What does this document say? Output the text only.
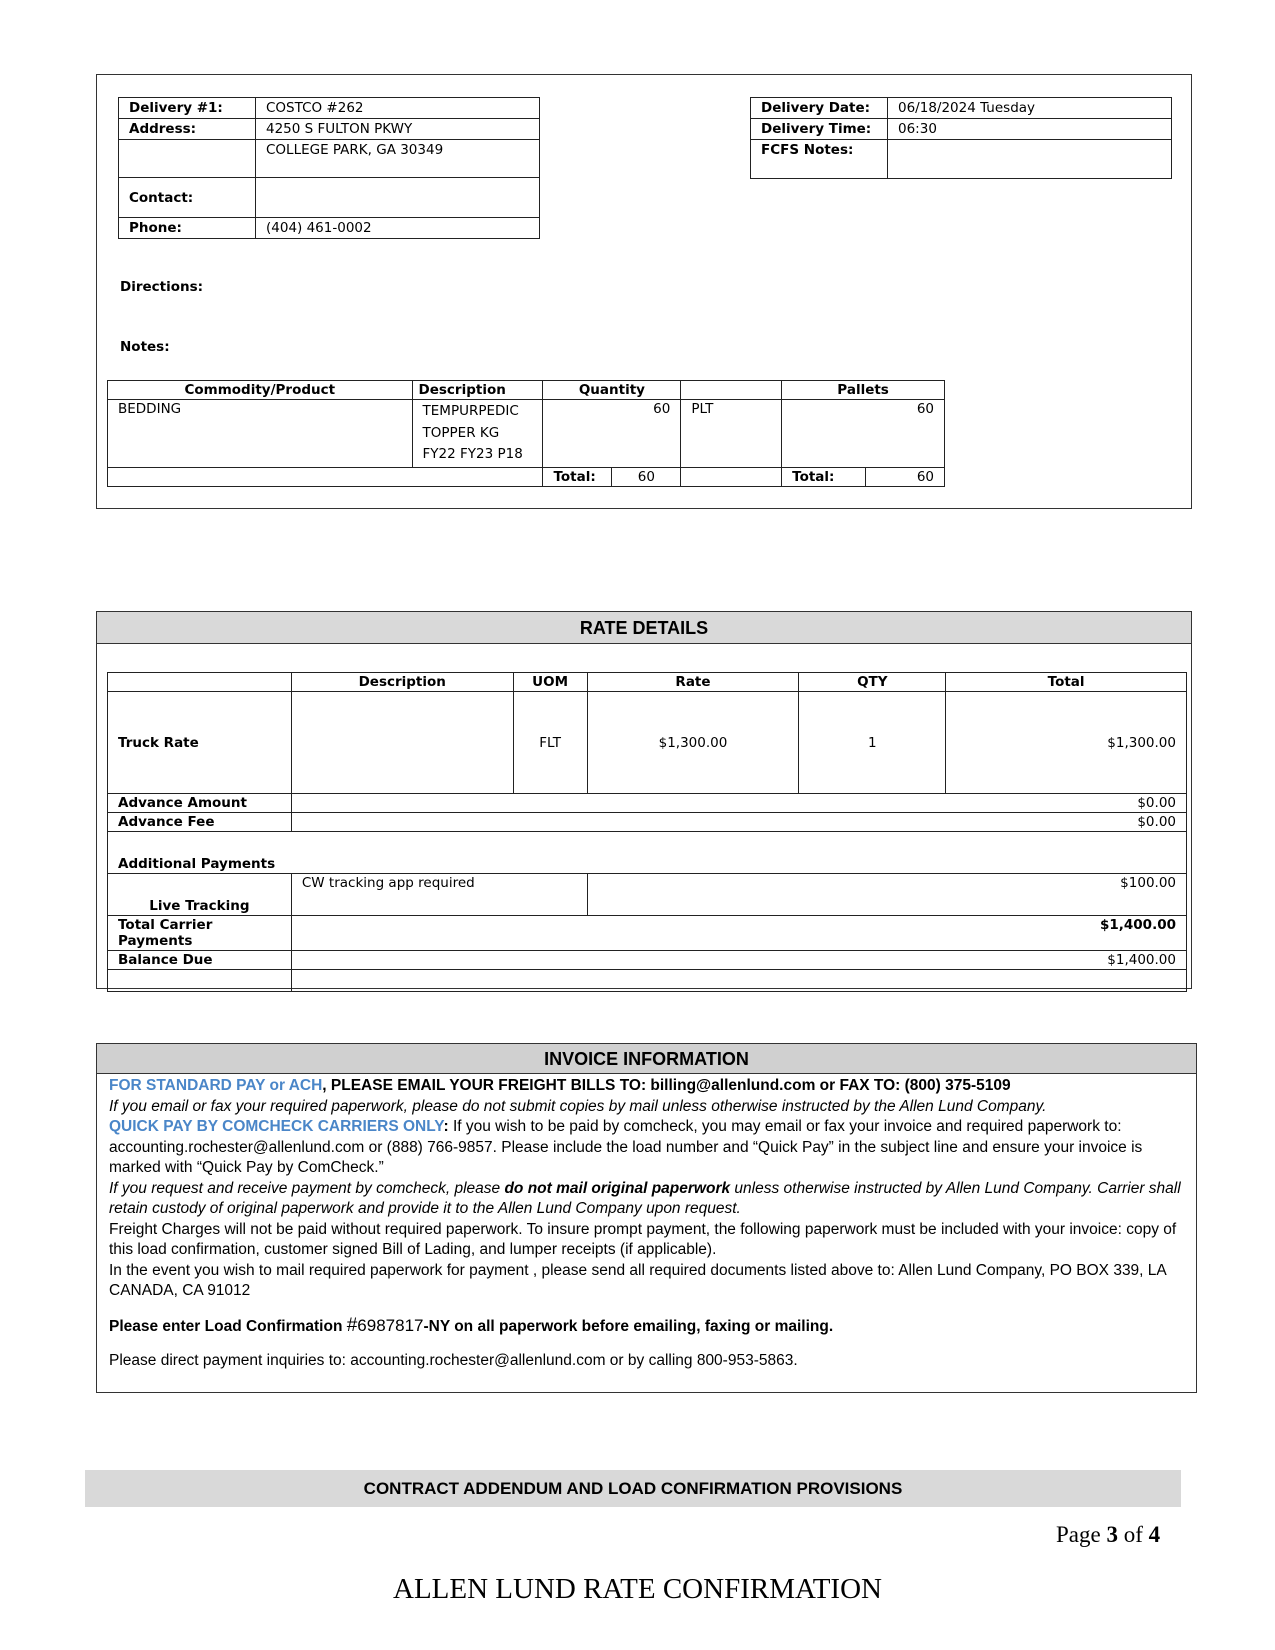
Delivery #1:	COSTCO #262
Address:	4250 S FULTON PKWY
	COLLEGE PARK, GA 30349
Contact:	
Phone:	(404) 461-0002
Delivery Date:	06/18/2024 Tuesday
Delivery Time:	06:30
FCFS Notes:	
Directions:
Notes:
Commodity/Product	Description	Quantity			Pallets	
BEDDING	TEMPURPEDIC
TOPPER KG
FY22 FY23 P18	60		PLT	60	
		Total:	60		Total:	60
RATE DETAILS
	Description	UOM	Rate	QTY	Total
Truck Rate		FLT	$1,300.00	1	$1,300.00
Advance Amount	$0.00				
Advance Fee	$0.00				
Additional Payments					
Live Tracking	CW tracking app required		$100.00		
Total Carrier Payments	$1,400.00				
Balance Due	$1,400.00				

INVOICE INFORMATION
FOR STANDARD PAY or ACH, PLEASE EMAIL YOUR FREIGHT BILLS TO: billing@allenlund.com or FAX TO: (800) 375-5109
If you email or fax your required paperwork, please do not submit copies by mail unless otherwise instructed by the Allen Lund Company.
QUICK PAY BY COMCHECK CARRIERS ONLY: If you wish to be paid by comcheck, you may email or fax your invoice and required paperwork to: accounting.rochester@allenlund.com or (888) 766-9857. Please include the load number and “Quick Pay” in the subject line and ensure your invoice is marked with “Quick Pay by ComCheck.”
If you request and receive payment by comcheck, please do not mail original paperwork unless otherwise instructed by Allen Lund Company. Carrier shall retain custody of original paperwork and provide it to the Allen Lund Company upon request.
Freight Charges will not be paid without required paperwork. To insure prompt payment, the following paperwork must be included with your invoice: copy of this load confirmation, customer signed Bill of Lading, and lumper receipts (if applicable).
In the event you wish to mail required paperwork for payment , please send all required documents listed above to: Allen Lund Company, PO BOX 339, LA CANADA, CA 91012
Please enter Load Confirmation #6987817-NY on all paperwork before emailing, faxing or mailing.
Please direct payment inquiries to: accounting.rochester@allenlund.com or by calling 800-953-5863.
CONTRACT ADDENDUM AND LOAD CONFIRMATION PROVISIONS
Page 3 of 4
ALLEN LUND RATE CONFIRMATION
